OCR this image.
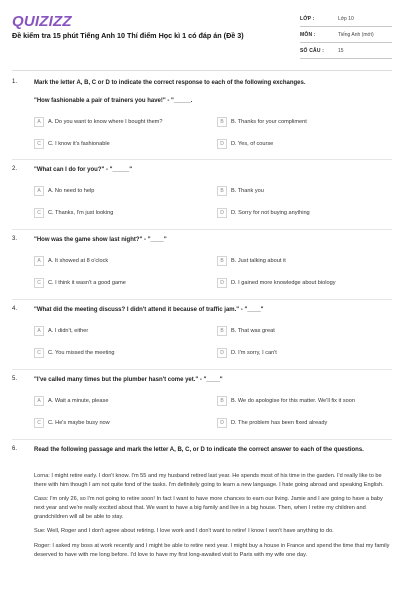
QUIZIZZ
Đề kiểm tra 15 phút Tiếng Anh 10 Thí điểm Học kì 1 có đáp án (Đề 3)
LỚP :	Lớp 10
MÔN :	Tiếng Anh (mới)
SỐ CÂU :	15
1.	Mark the letter A, B, C or D to indicate the correct response to each of the following exchanges.
"How fashionable a pair of trainers you have!" - "_____.
A	A. Do you want to know where I bought them?	B	B. Thanks for your compliment
C	C. I know it's fashionable	D	D. Yes, of course
2.	"What can I do for you?" - "_____"
A	A. No need to help	B	B. Thank you
C	C. Thanks, I'm just looking	D	D. Sorry for not buying anything
3.	"How was the game show last night?" - "____"
A	A. It showed at 8 o'clock	B	B. Just talking about it
C	C. I think it wasn't a good game	D	D. I gained more knowledge about biology
4.	"What did the meeting discuss? I didn't attend it because of traffic jam." - "____"
A	A. I didn't, either	B	B. That was great
C	C. You missed the meeting	D	D. I'm sorry, I can't
5.	"I've called many times but the plumber hasn't come yet." - "____"
A	A. Wait a minute, please	B	B. We do apologise for this matter. We'll fix it soon
C	C. He's maybe busy now	D	D. The problem has been fixed already
6.	Read the following passage and mark the letter A, B, C, or D to indicate the correct answer to each of the questions.

Lorna: I might retire early. I don't know. I'm 55 and my husband retired last year. He spends most of his time in the garden. I'd really like to be there with him though I am not quite fond of the tasks. I'm definitely going to learn a new language. I hate going abroad and speaking English.

Cass: I'm only 26, so I'm not going to retire soon! In fact I want to have more chances to earn our living. Jamie and I are going to have a baby next year and we're really excited about that. We want to have a big family and live in a big house. Then, when I retire my children and grandchildren will all be able to stay.

Sue: Well, Roger and I don't agree about retiring. I love work and I don't want to retire! I know I won't have anything to do.

Roger: I asked my boss at work recently and I might be able to retire next year. I might buy a house in France and spend the time that my family deserved to have with me long before. I'd love to have my first long-awaited visit to Paris with my wife one day.
